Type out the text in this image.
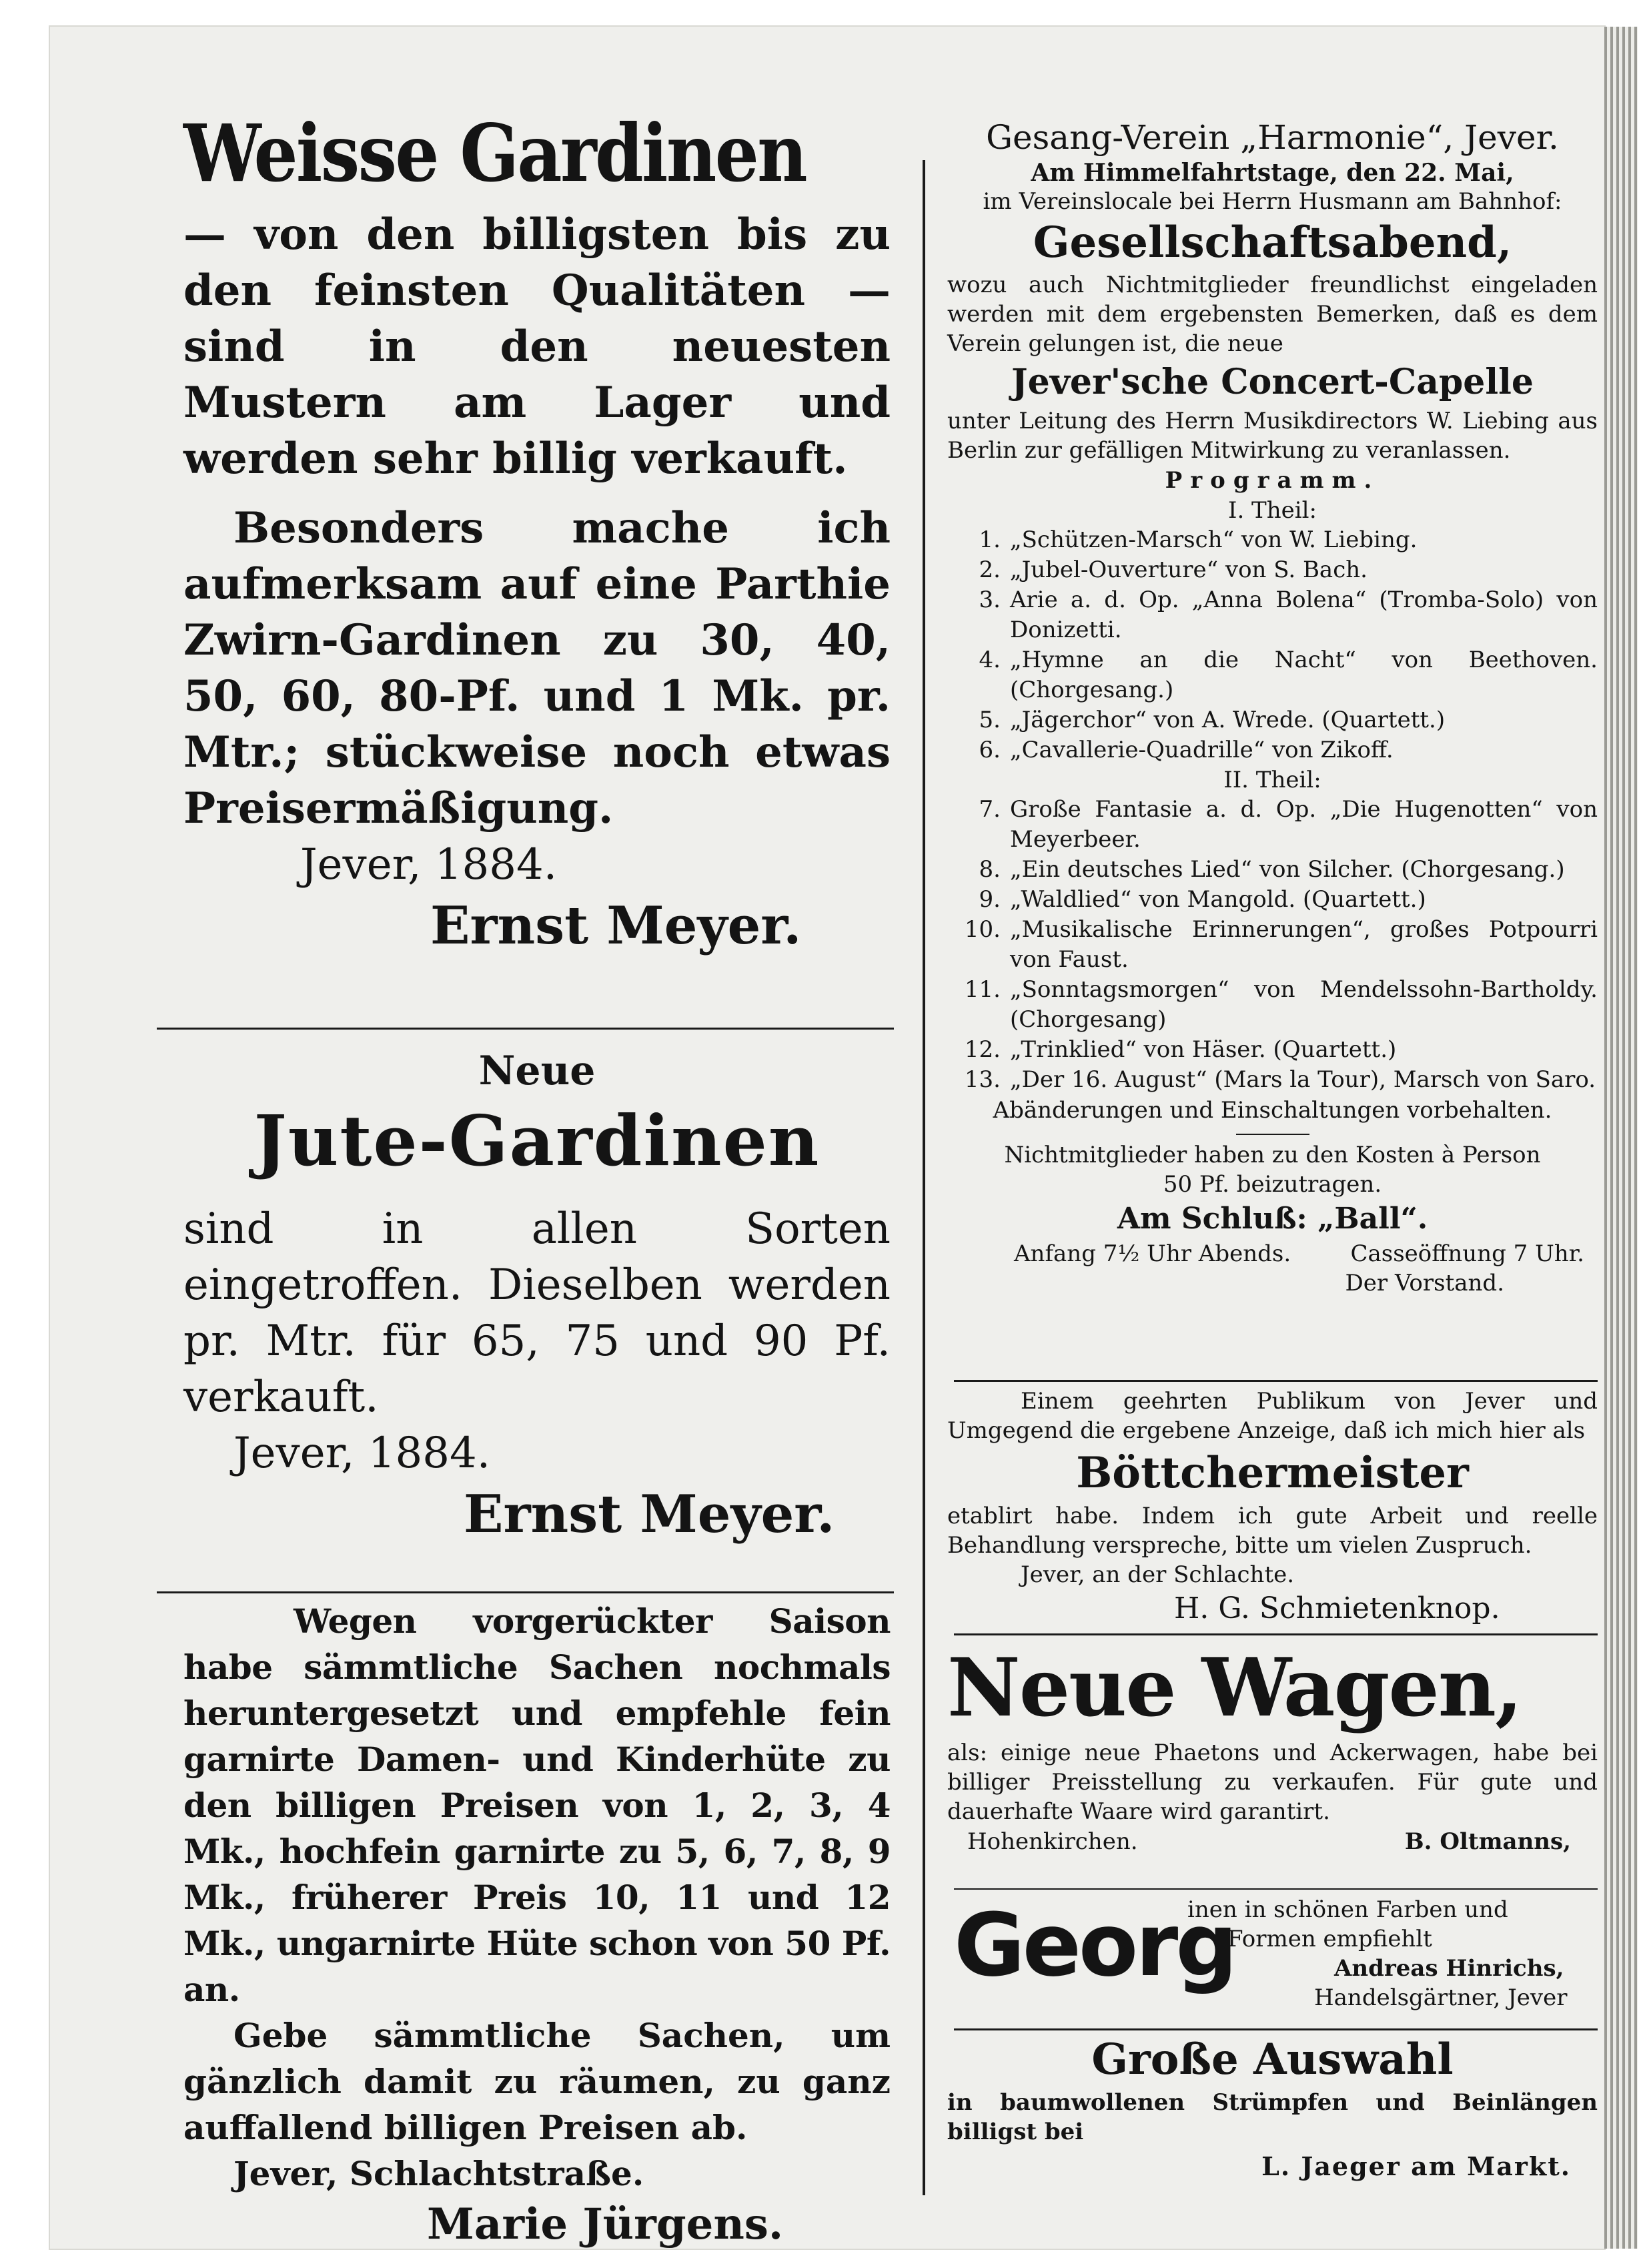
Weisse Gardinen
— von den billigsten bis zu den feinsten Qualitäten — sind in den neuesten Mustern am Lager und werden sehr billig verkauft.
Besonders mache ich aufmerksam auf eine Parthie Zwirn-Gardinen zu 30, 40, 50, 60, 80-Pf. und 1 Mk. pr. Mtr.; stückweise noch etwas Preisermäßigung.
Jever, 1884.
Ernst Meyer.
Neue
Jute-Gardinen
sind in allen Sorten eingetroffen. Dieselben werden pr. Mtr. für 65, 75 und 90 Pf. verkauft.
Jever, 1884.
Ernst Meyer.
Wegen vorgerückter Saison habe sämmtliche Sachen nochmals heruntergesetzt und empfehle fein garnirte Damen- und Kinderhüte zu den billigen Preisen von 1, 2, 3, 4 Mk., hochfein garnirte zu 5, 6, 7, 8, 9 Mk., früherer Preis 10, 11 und 12 Mk., ungarnirte Hüte schon von 50 Pf. an.
Gebe sämmtliche Sachen, um gänzlich damit zu räumen, zu ganz auffallend billigen Preisen ab.
Jever, Schlachtstraße.
Marie Jürgens.
Gesang-Verein „Harmonie“, Jever.
Am Himmelfahrtstage, den 22. Mai,
im Vereinslocale bei Herrn Husmann am Bahnhof:
Gesellschaftsabend,
wozu auch Nichtmitglieder freundlichst eingeladen werden mit dem ergebensten Bemerken, daß es dem Verein gelungen ist, die neue
Jever'sche Concert-Capelle
unter Leitung des Herrn Musikdirectors W. Liebing aus Berlin zur gefälligen Mitwirkung zu veranlassen.
Programm.
I. Theil:
1. „Schützen-Marsch“ von W. Liebing.
2. „Jubel-Ouverture“ von S. Bach.
3. Arie a. d. Op. „Anna Bolena“ (Tromba-Solo) von Donizetti.
4. „Hymne an die Nacht“ von Beethoven. (Chorgesang.)
5. „Jägerchor“ von A. Wrede. (Quartett.)
6. „Cavallerie-Quadrille“ von Zikoff.
II. Theil:
7. Große Fantasie a. d. Op. „Die Hugenotten“ von Meyerbeer.
8. „Ein deutsches Lied“ von Silcher. (Chorgesang.)
9. „Waldlied“ von Mangold. (Quartett.)
10. „Musikalische Erinnerungen“, großes Potpourri von Faust.
11. „Sonntagsmorgen“ von Mendelssohn-Bartholdy. (Chorgesang)
12. „Trinklied“ von Häser. (Quartett.)
13. „Der 16. August“ (Mars la Tour), Marsch von Saro.
Abänderungen und Einschaltungen vorbehalten.
Nichtmitglieder haben zu den Kosten à Person 50 Pf. beizutragen.
Am Schluß: „Ball“.
Anfang 7½ Uhr Abends.	Casseöffnung 7 Uhr.
Der Vorstand.
Einem geehrten Publikum von Jever und Umgegend die ergebene Anzeige, daß ich mich hier als
Böttchermeister
etablirt habe. Indem ich gute Arbeit und reelle Behandlung verspreche, bitte um vielen Zuspruch.
Jever, an der Schlachte.
H. G. Schmietenknop.
Neue Wagen,
als: einige neue Phaetons und Ackerwagen, habe bei billiger Preisstellung zu verkaufen. Für gute und dauerhafte Waare wird garantirt.
Hohenkirchen.	B. Oltmanns,
Georg
inen in schönen Farben und
Formen empfiehlt
Andreas Hinrichs,
Handelsgärtner, Jever
Große Auswahl
in baumwollenen Strümpfen und Beinlängen billigst bei
L. Jaeger am Markt.
